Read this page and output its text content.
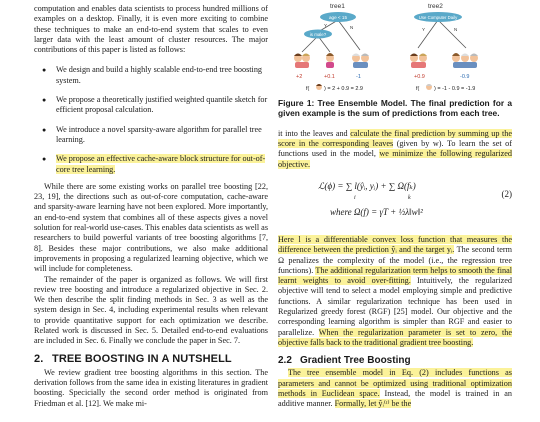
computation and enables data scientists to process hundred millions of examples on a desktop. Finally, it is even more exciting to combine these techniques to make an end-to-end system that scales to even larger data with the least amount of cluster resources. The major contributions of this paper is listed as follows:

● We design and build a highly scalable end-to-end tree boosting system.
● We propose a theoretically justified weighted quantile sketch for efficient proposal calculation.
● We introduce a novel sparsity-aware algorithm for parallel tree learning.
● We propose an effective cache-aware block structure for out-of-core tree learning.

While there are some existing works on parallel tree boosting [22, 23, 19], the directions such as out-of-core computation, cache-aware and sparsity-aware learning have not been explored. More importantly, an end-to-end system that combines all of these aspects gives a novel solution for real-world use-cases. This enables data scientists as well as researchers to build powerful variants of tree boosting algorithms [7, 8]. Besides these major contributions, we also make additional improvements in proposing a regularized learning objective, which we will include for completeness.

The remainder of the paper is organized as follows. We will first review tree boosting and introduce a regularized objective in Sec. 2. We then describe the split finding methods in Sec. 3 as well as the system design in Sec. 4, including experimental results when relevant to provide quantitative support for each optimization we describe. Related work is discussed in Sec. 5. Detailed end-to-end evaluations are included in Sec. 6. Finally we conclude the paper in Sec. 7.

2. TREE BOOSTING IN A NUTSHELL

We review gradient tree boosting algorithms in this section. The derivation follows from the same idea in existing literatures in gradient boosting. Specicially the second order method is originated from Friedman et al. [12]. We make mi-

tree1	tree2
age < 15
is male?
Y	N
+2	+0.1	-1
Use Computer Daily
Y	N
+0.9	-0.9
f(	) = 2 + 0.9 = 2.9	f(	) = -1 - 0.9 = -1.9

Figure 1: Tree Ensemble Model. The final prediction for a given example is the sum of predictions from each tree.

it into the leaves and calculate the final prediction by summing up the score in the corresponding leaves (given by w). To learn the set of functions used in the model, we minimize the following regularized objective.

ℒ(ϕ) = ∑ l(ŷᵢ, yᵢ) + ∑ Ω(fₖ)
i	k
where Ω(f) = γT + ½λ‖w‖²
(2)

Here l is a differentiable convex loss function that measures the difference between the prediction ŷᵢ and the target yᵢ. The second term Ω penalizes the complexity of the model (i.e., the regression tree functions). The additional regularization term helps to smooth the final learnt weights to avoid over-fitting. Intuitively, the regularized objective will tend to select a model employing simple and predictive functions. A similar regularization technique has been used in Regularized greedy forest (RGF) [25] model. Our objective and the corresponding learning algorithm is simpler than RGF and easier to parallelize. When the regularization parameter is set to zero, the objective falls back to the traditional gradient tree boosting.

2.2 Gradient Tree Boosting

The tree ensemble model in Eq. (2) includes functions as parameters and cannot be optimized using traditional optimization methods in Euclidean space. Instead, the model is trained in an additive manner. Formally, let ŷᵢ⁽ᵗ⁾ be the
